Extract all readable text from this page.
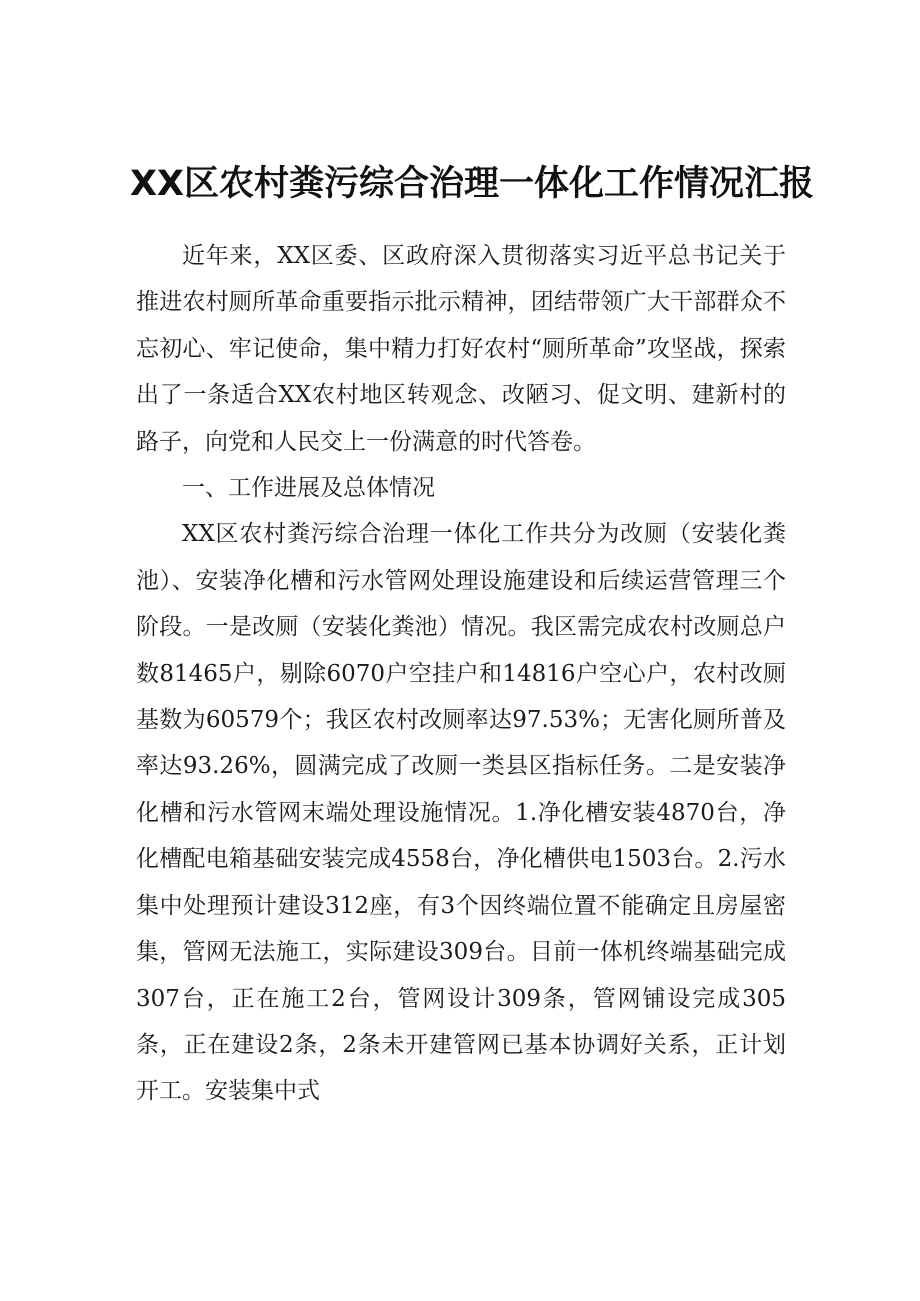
XX区农村粪污综合治理一体化工作情况汇报

近年来，XX区委、区政府深入贯彻落实习近平总书记关于推进农村厕所革命重要指示批示精神，团结带领广大干部群众不忘初心、牢记使命，集中精力打好农村“厕所革命”攻坚战，探索出了一条适合XX农村地区转观念、改陋习、促文明、建新村的路子，向党和人民交上一份满意的时代答卷。

一、工作进展及总体情况

XX区农村粪污综合治理一体化工作共分为改厕（安装化粪池）、安装净化槽和污水管网处理设施建设和后续运营管理三个阶段。一是改厕（安装化粪池）情况。我区需完成农村改厕总户数81465户，剔除6070户空挂户和14816户空心户，农村改厕基数为60579个；我区农村改厕率达97.53%；无害化厕所普及率达93.26%，圆满完成了改厕一类县区指标任务。二是安装净化槽和污水管网末端处理设施情况。1.净化槽安装4870台，净化槽配电箱基础安装完成4558台，净化槽供电1503台。2.污水集中处理预计建设312座，有3个因终端位置不能确定且房屋密集，管网无法施工，实际建设309台。目前一体机终端基础完成307台，正在施工2台，管网设计309条，管网铺设完成305条，正在建设2条，2条未开建管网已基本协调好关系，正计划开工。安装集中式
